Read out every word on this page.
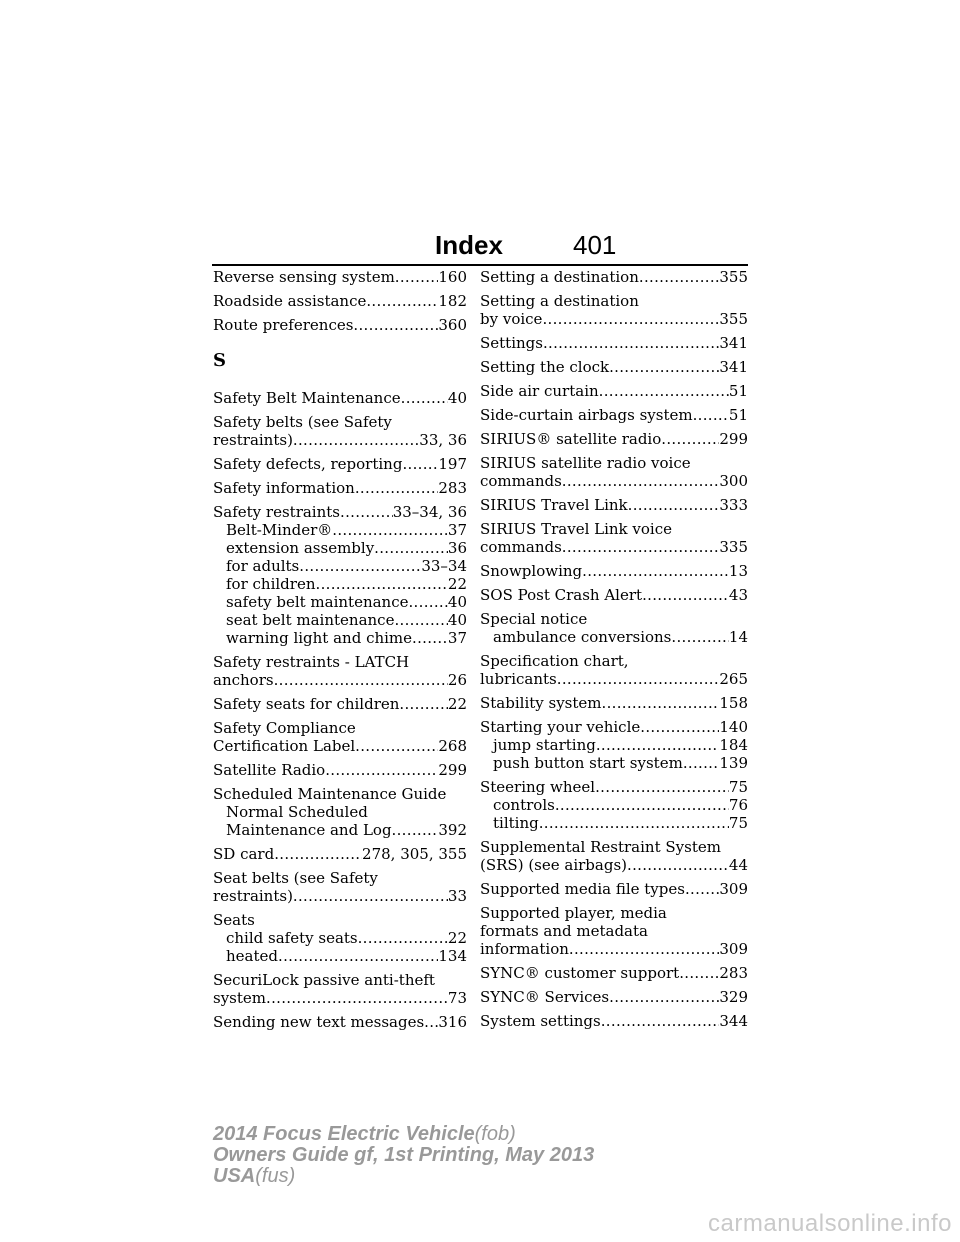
Index	401
Reverse sensing system .....	160
Roadside assistance .....	182
Route preferences .....	360
S
Safety Belt Maintenance .....	40
Safety belts (see Safety
restraints) .....	33, 36
Safety defects, reporting ..... 197
Safety information .....	283
Safety restraints .....	33–34, 36
Belt-Minder® .....	37
extension assembly .....	36
for adults .....	33–34
for children .....	22
safety belt maintenance .....	40
seat belt maintenance .....	40
warning light and chime ..... 37
Safety restraints - LATCH
anchors .....	26
Safety seats for children .....	22
Safety Compliance
Certification Label .....	268
Satellite Radio .....	299
Scheduled Maintenance Guide
Normal Scheduled
Maintenance and Log .....	392
SD card .....	278, 305, 355
Seat belts (see Safety
restraints) .....	33
Seats
child safety seats .....	22
heated .....	134
SecuriLock passive anti-theft
system .....	73
Sending new text messages ..... 316
Setting a destination .....	355
Setting a destination
by voice .....	355
Settings .....	341
Setting the clock .....	341
Side air curtain .....	51
Side-curtain airbags system ..... 51
SIRIUS® satellite radio .....	299
SIRIUS satellite radio voice
commands .....	300
SIRIUS Travel Link .....	333
SIRIUS Travel Link voice
commands .....	335
Snowplowing .....	13
SOS Post Crash Alert .....	43
Special notice
ambulance conversions .....	14
Specification chart,
lubricants .....	265
Stability system .....	158
Starting your vehicle .....	140
jump starting .....	184
push button start system ..... 139
Steering wheel .....	75
controls .....	76
tilting .....	75
Supplemental Restraint System
(SRS) (see airbags) .....	44
Supported media file types ..... 309
Supported player, media
formats and metadata
information .....	309
SYNC® customer support .....	283
SYNC® Services .....	329
System settings .....	344
2014 Focus Electric Vehicle(fob)
Owners Guide gf, 1st Printing, May 2013
USA(fus)
carmanualsonline.info
